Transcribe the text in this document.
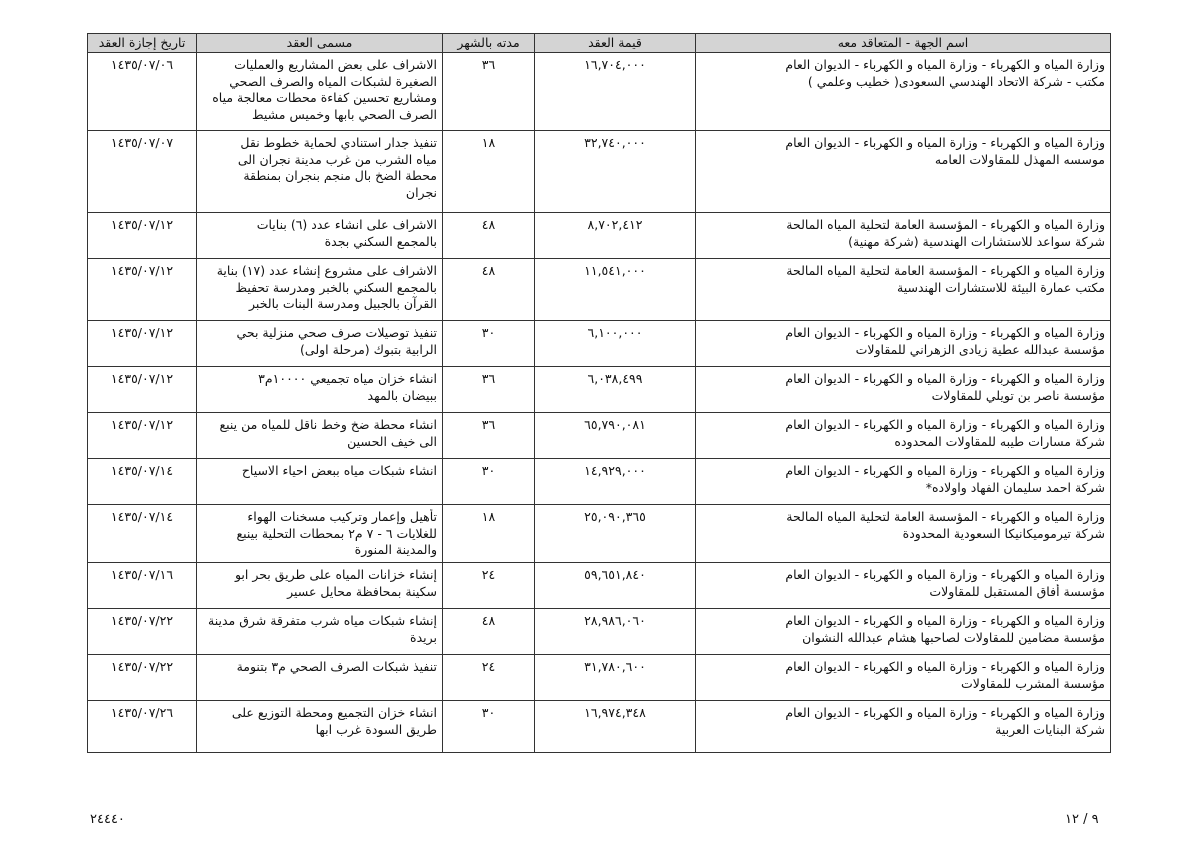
اسم الجهة - المتعاقد معه	قيمة العقد	مدته بالشهر	مسمى العقد	تاريخ إجازة العقد

وزارة المياه و الكهرباء - وزارة المياه و الكهرباء - الديوان العام
مكتب - شركة الاتحاد الهندسي السعودى( خطيب وعلمي )	١٦,٧٠٤,٠٠٠	٣٦	الاشراف على بعض المشاريع والعمليات
الصغيرة لشبكات المياه والصرف الصحي
ومشاريع تحسين كفاءة محطات معالجة مياه
الصرف الصحي بابها وخميس مشيط	١٤٣٥/٠٧/٠٦

وزارة المياه و الكهرباء - وزارة المياه و الكهرباء - الديوان العام
موسسه المهذل للمقاولات العامه	٣٢,٧٤٠,٠٠٠	١٨	تنفيذ جدار استنادي لحماية خطوط نقل
مياه الشرب من غرب مدينة نجران الى
محطة الضخ بال منجم بنجران بمنطقة
نجران	١٤٣٥/٠٧/٠٧

وزارة المياه و الكهرباء - المؤسسة العامة لتحلية المياه المالحة
شركة سواعد للاستشارات الهندسية (شركة مهنية)	٨,٧٠٢,٤١٢	٤٨	الاشراف على انشاء عدد (٦) بنايات
بالمجمع السكني بجدة	١٤٣٥/٠٧/١٢

وزارة المياه و الكهرباء - المؤسسة العامة لتحلية المياه المالحة
مكتب عمارة البيئة للاستشارات الهندسية	١١,٥٤١,٠٠٠	٤٨	الاشراف على مشروع إنشاء عدد (١٧) بناية
بالمجمع السكني بالخبر ومدرسة تحفيظ
القرآن بالجبيل ومدرسة البنات بالخبر	١٤٣٥/٠٧/١٢

وزارة المياه و الكهرباء - وزارة المياه و الكهرباء - الديوان العام
مؤسسة عبدالله عطية زيادى الزهراني للمقاولات	٦,١٠٠,٠٠٠	٣٠	تنفيذ توصيلات صرف صحي منزلية بحي
الرابية بتبوك (مرحلة اولى)	١٤٣٥/٠٧/١٢

وزارة المياه و الكهرباء - وزارة المياه و الكهرباء - الديوان العام
مؤسسة ناصر بن تويلي للمقاولات	٦,٠٣٨,٤٩٩	٣٦	انشاء خزان مياه تجميعي ١٠٠٠٠م٣
ببيضان بالمهد	١٤٣٥/٠٧/١٢

وزارة المياه و الكهرباء - وزارة المياه و الكهرباء - الديوان العام
شركة مسارات طيبه للمقاولات المحدوده	٦٥,٧٩٠,٠٨١	٣٦	انشاء محطة ضخ وخط ناقل للمياه من ينبع
الى خيف الحسين	١٤٣٥/٠٧/١٢

وزارة المياه و الكهرباء - وزارة المياه و الكهرباء - الديوان العام
شركة احمد سليمان الفهاد واولاده*	١٤,٩٢٩,٠٠٠	٣٠	انشاء شبكات مياه ببعض احياء الاسياح	١٤٣٥/٠٧/١٤

وزارة المياه و الكهرباء - المؤسسة العامة لتحلية المياه المالحة
شركة تيرموميكانيكا السعودية المحدودة	٢٥,٠٩٠,٣٦٥	١٨	تأهيل وإعمار وتركيب مسخنات الهواء
للغلايات ٦ - ٧ م٢ بمحطات التحلية بينبع
والمدينة المنورة	١٤٣٥/٠٧/١٤

وزارة المياه و الكهرباء - وزارة المياه و الكهرباء - الديوان العام
مؤسسة أفاق المستقبل للمقاولات	٥٩,٦٥١,٨٤٠	٢٤	إنشاء خزانات المياه على طريق بحر ابو
سكينة بمحافظة محايل عسير	١٤٣٥/٠٧/١٦

وزارة المياه و الكهرباء - وزارة المياه و الكهرباء - الديوان العام
مؤسسة مضامين للمقاولات لصاحبها هشام عبدالله النشوان	٢٨,٩٨٦,٠٦٠	٤٨	إنشاء شبكات مياه شرب متفرقة شرق مدينة
بريدة	١٤٣٥/٠٧/٢٢

وزارة المياه و الكهرباء - وزارة المياه و الكهرباء - الديوان العام
مؤسسة المشرب للمقاولات	٣١,٧٨٠,٦٠٠	٢٤	تنفيذ شبكات الصرف الصحي م٣ بتنومة	١٤٣٥/٠٧/٢٢

وزارة المياه و الكهرباء - وزارة المياه و الكهرباء - الديوان العام
شركة البنايات العربية	١٦,٩٧٤,٣٤٨	٣٠	انشاء خزان التجميع ومحطة التوزيع على
طريق السودة غرب ابها	١٤٣٥/٠٧/٢٦
٩ / ١٢
٢٤٤٤٠
